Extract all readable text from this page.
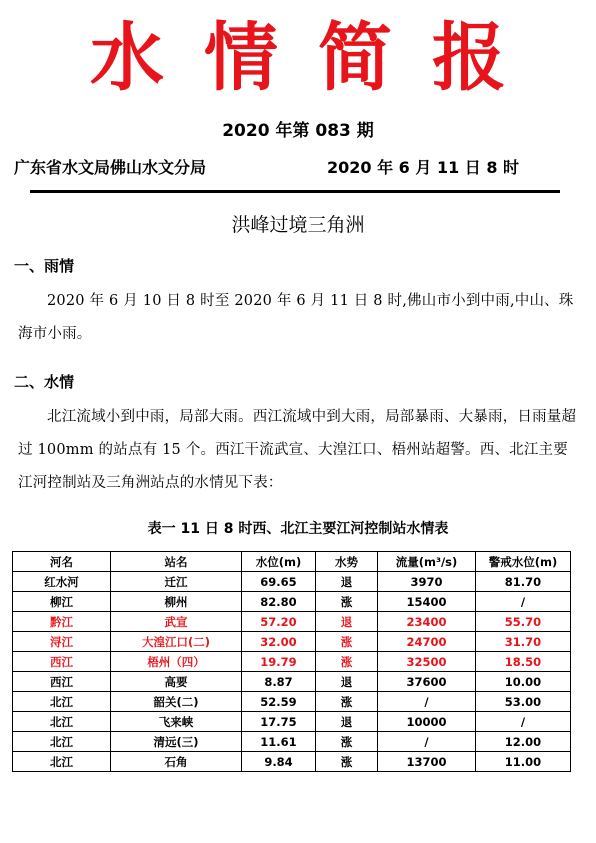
水情简报
2020 年第 083 期
广东省水文局佛山水文分局	2020 年 6 月 11 日 8 时
洪峰过境三角洲
一、雨情

2020 年 6 月 10 日 8 时至 2020 年 6 月 11 日 8 时,佛山市小到中雨,中山、珠海市小雨。

二、水情

北江流域小到中雨，局部大雨。西江流域中到大雨，局部暴雨、大暴雨，日雨量超过 100mm 的站点有 15 个。西江干流武宣、大湟江口、梧州站超警。西、北江主要江河控制站及三角洲站点的水情见下表：

表一 11 日 8 时西、北江主要江河控制站水情表
河名	站名	水位(m)	水势	流量(m³/s)	警戒水位(m)
红水河	迁江	69.65	退	3970	81.70
柳江	柳州	82.80	涨	15400	/
黔江	武宣	57.20	退	23400	55.70
浔江	大湟江口(二)	32.00	涨	24700	31.70
西江	梧州（四）	19.79	涨	32500	18.50
西江	高要	8.87	退	37600	10.00
北江	韶关(二)	52.59	涨	/	53.00
北江	飞来峡	17.75	退	10000	/
北江	清远(三)	11.61	涨	/	12.00
北江	石角	9.84	涨	13700	11.00
